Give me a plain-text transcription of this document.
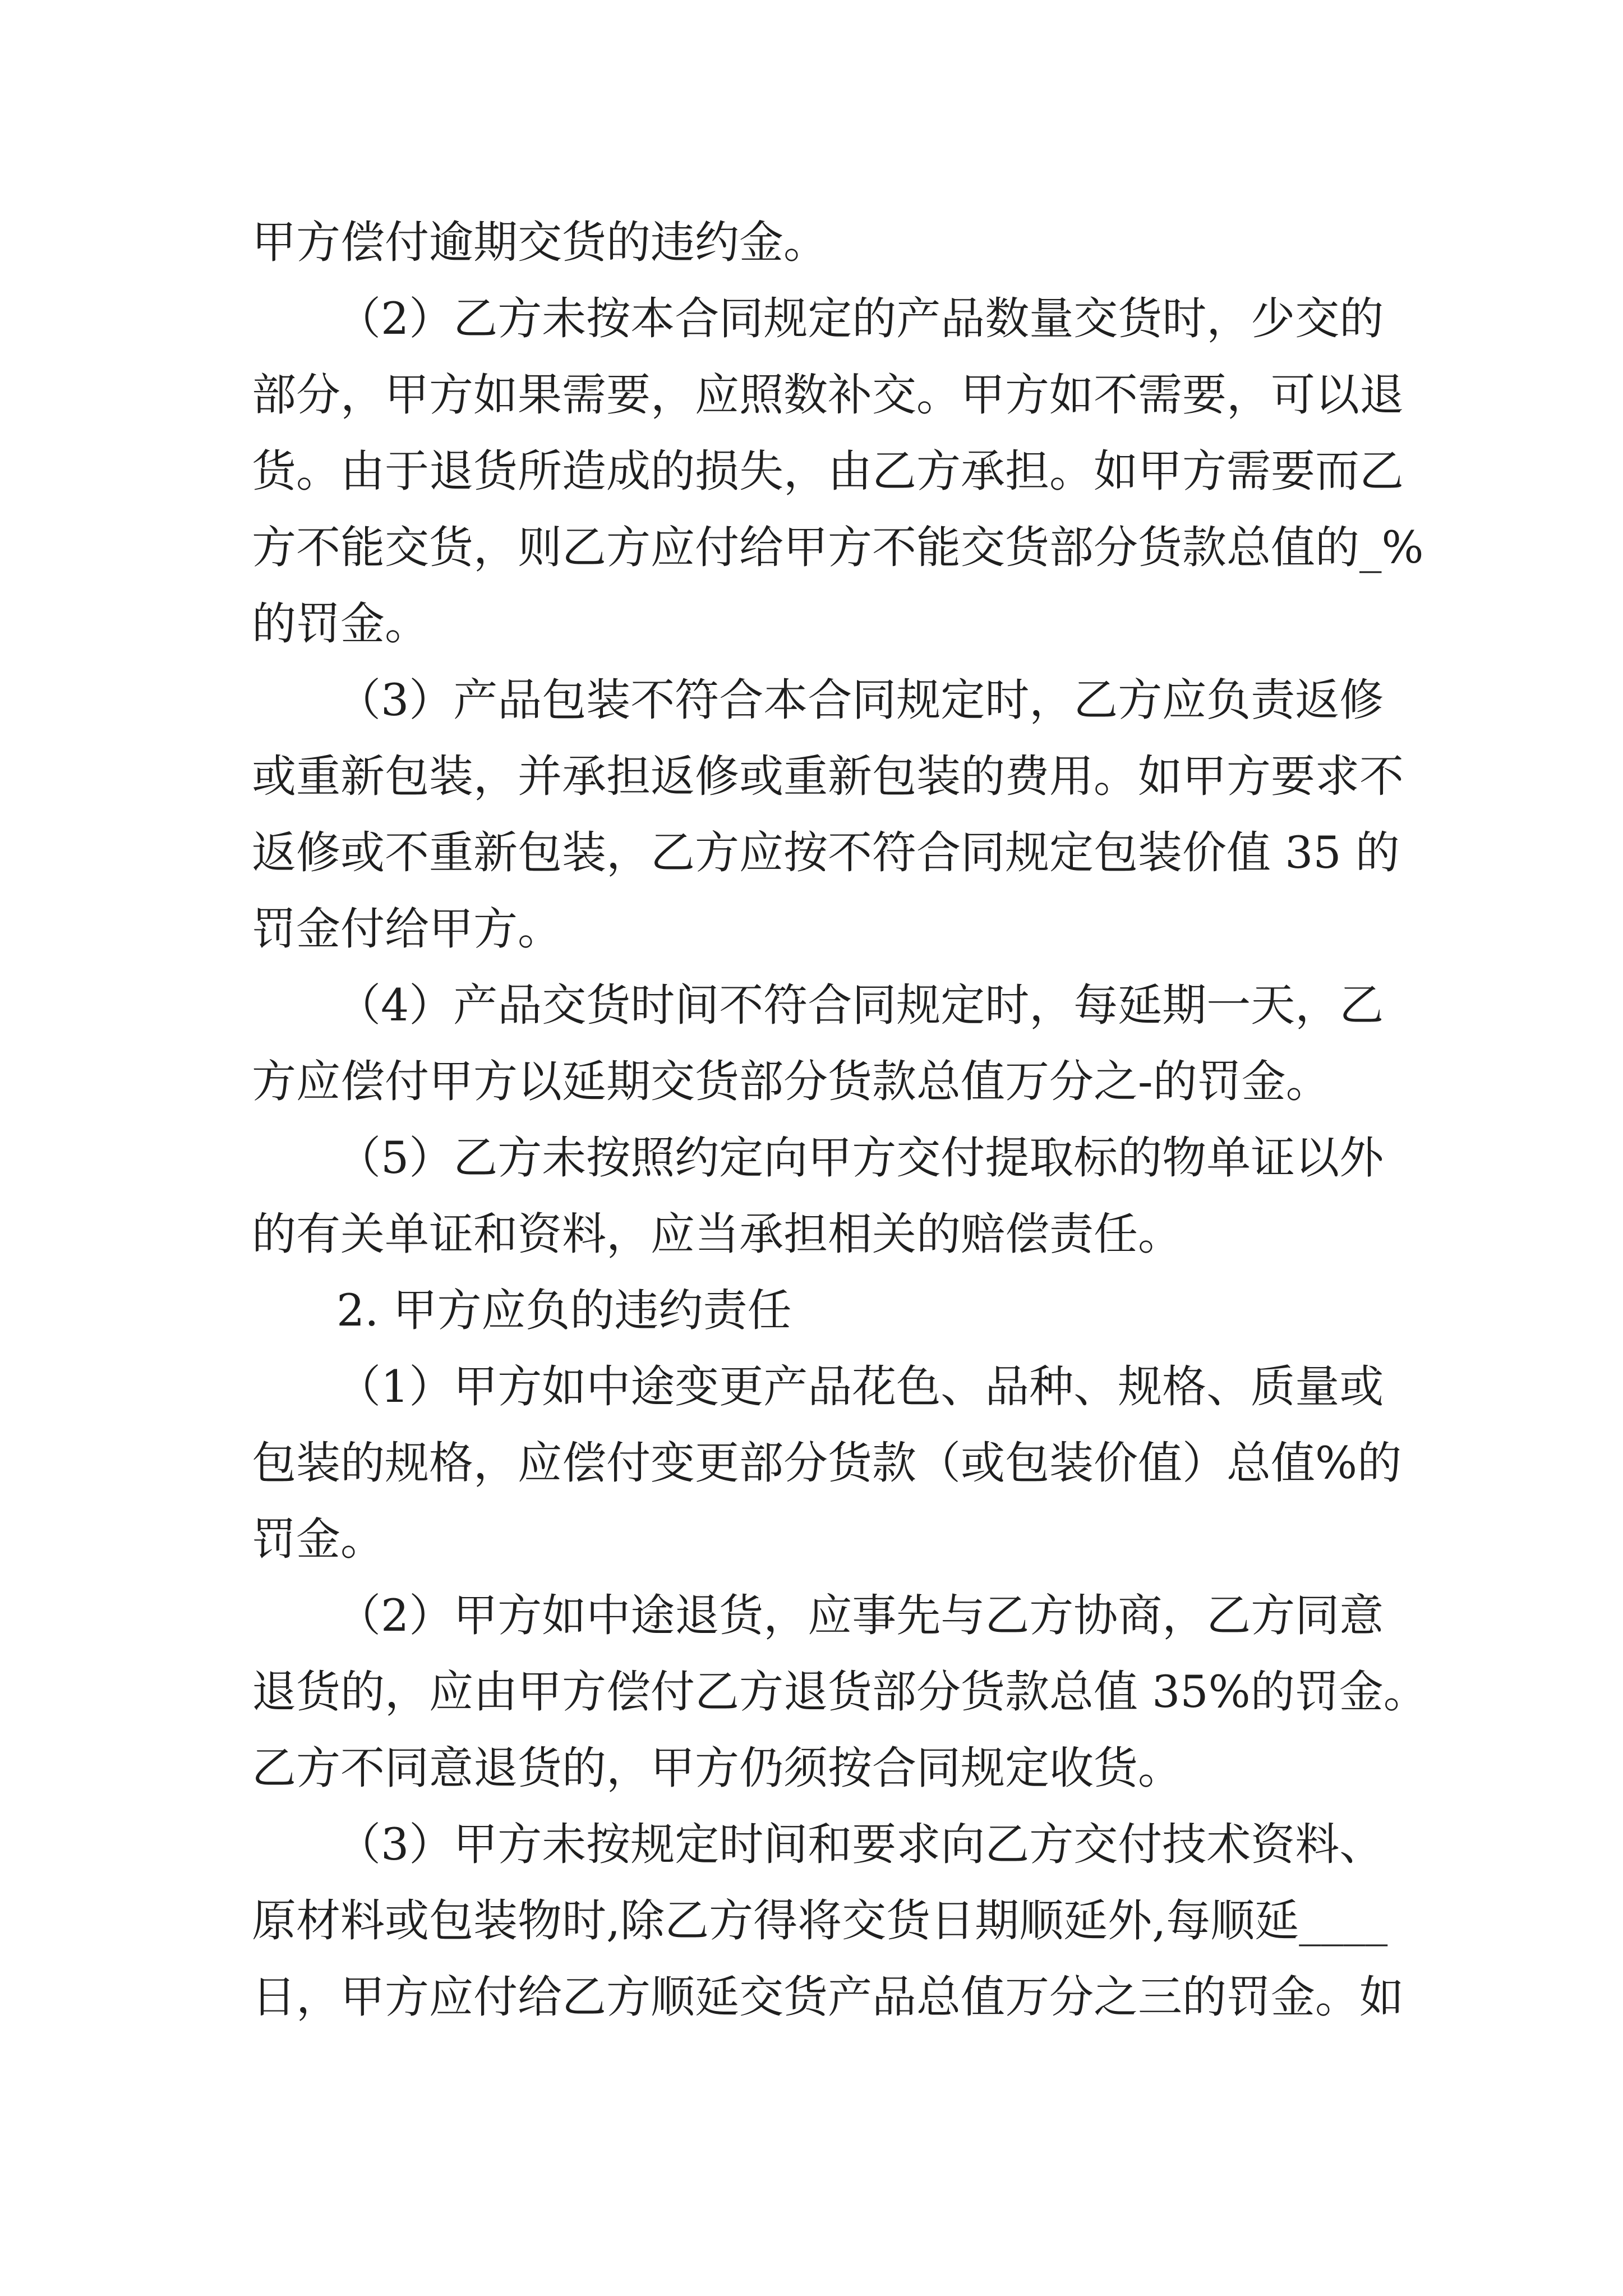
甲方偿付逾期交货的违约金。
（2）乙方未按本合同规定的产品数量交货时，少交的
部分，甲方如果需要，应照数补交。甲方如不需要，可以退
货。由于退货所造成的损失，由乙方承担。如甲方需要而乙
方不能交货，则乙方应付给甲方不能交货部分货款总值的_%
的罚金。
（3）产品包装不符合本合同规定时，乙方应负责返修
或重新包装，并承担返修或重新包装的费用。如甲方要求不
返修或不重新包装，乙方应按不符合同规定包装价值 35 的
罚金付给甲方。
（4）产品交货时间不符合同规定时，每延期一天，乙
方应偿付甲方以延期交货部分货款总值万分之-的罚金。
（5）乙方未按照约定向甲方交付提取标的物单证以外
的有关单证和资料，应当承担相关的赔偿责任。
2. 甲方应负的违约责任
（1）甲方如中途变更产品花色、品种、规格、质量或
包装的规格，应偿付变更部分货款（或包装价值）总值%的
罚金。
（2）甲方如中途退货，应事先与乙方协商，乙方同意
退货的，应由甲方偿付乙方退货部分货款总值 35%的罚金。
乙方不同意退货的，甲方仍须按合同规定收货。
（3）甲方未按规定时间和要求向乙方交付技术资料、
原材料或包装物时,除乙方得将交货日期顺延外,每顺延____
日，甲方应付给乙方顺延交货产品总值万分之三的罚金。如
